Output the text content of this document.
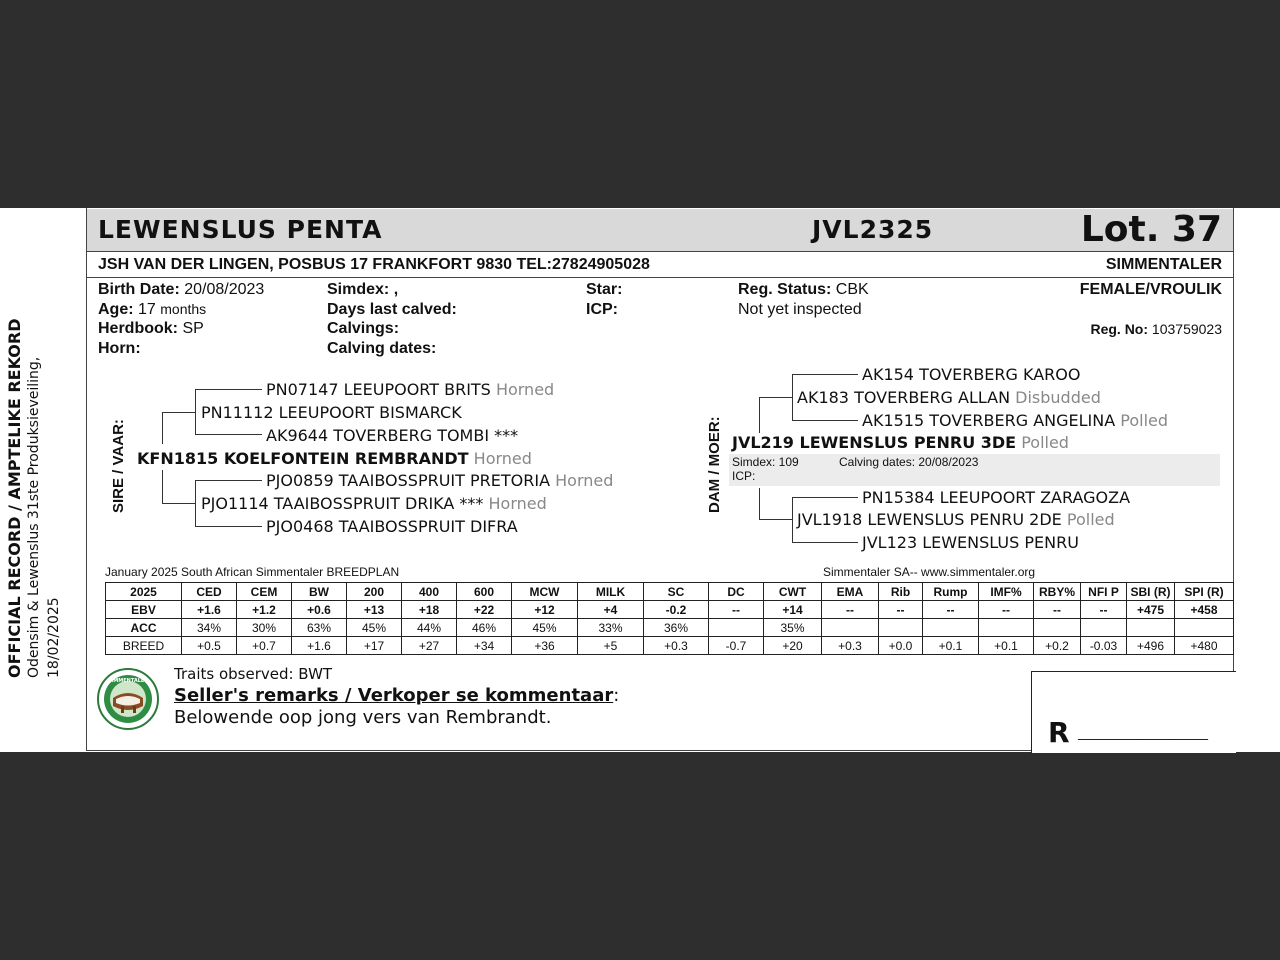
LEWENSLUS PENTA	JVL2325	Lot. 37
JSH VAN DER LINGEN, POSBUS 17 FRANKFORT 9830 TEL:27824905028	SIMMENTALER
OFFICIAL RECORD / AMPTELIKE REKORD Odensim & Lewenslus 31ste Produksieveiling, 18/02/2025
Birth Date: 20/08/2023
Age: 17 months
Herdbook: SP
Horn:
Simdex: ,
Days last calved:
Calvings:
Calving dates:
Star:
ICP:
Reg. Status: CBK
Not yet inspected
FEMALE/VROULIK
Reg. No: 103759023
SIRE / VAAR:
PN07147 LEEUPOORT BRITS Horned
PN11112 LEEUPOORT BISMARCK
AK9644 TOVERBERG TOMBI ***
KFN1815 KOELFONTEIN REMBRANDT Horned
PJO0859 TAAIBOSSPRUIT PRETORIA Horned
PJO1114 TAAIBOSSPRUIT DRIKA *** Horned
PJO0468 TAAIBOSSPRUIT DIFRA
DAM / MOER:
AK154 TOVERBERG KAROO
AK183 TOVERBERG ALLAN Disbudded
AK1515 TOVERBERG ANGELINA Polled
JVL219 LEWENSLUS PENRU 3DE Polled
Simdex: 109	Calving dates: 20/08/2023
ICP:
PN15384 LEEUPOORT ZARAGOZA
JVL1918 LEWENSLUS PENRU 2DE Polled
JVL123 LEWENSLUS PENRU
January 2025 South African Simmentaler BREEDPLAN	Simmentaler SA-- www.simmentaler.org
2025	CED	CEM	BW	200	400	600	MCW	MILK	SC	DC	CWT	EMA	Rib	Rump	IMF%	RBY%	NFI P	SBI (R)	SPI (R)
EBV	+1.6	+1.2	+0.6	+13	+18	+22	+12	+4	-0.2	--	+14	--	--	--	--	--	--	+475	+458
ACC	34%	30%	63%	45%	44%	46%	45%	33%	36%		35%								
BREED	+0.5	+0.7	+1.6	+17	+27	+34	+36	+5	+0.3	-0.7	+20	+0.3	+0.0	+0.1	+0.1	+0.2	-0.03	+496	+480
SIMMENTALER Traits observed: BWT
Seller's remarks / Verkoper se kommentaar:
Belowende oop jong vers van Rembrandt.	R ____________________
